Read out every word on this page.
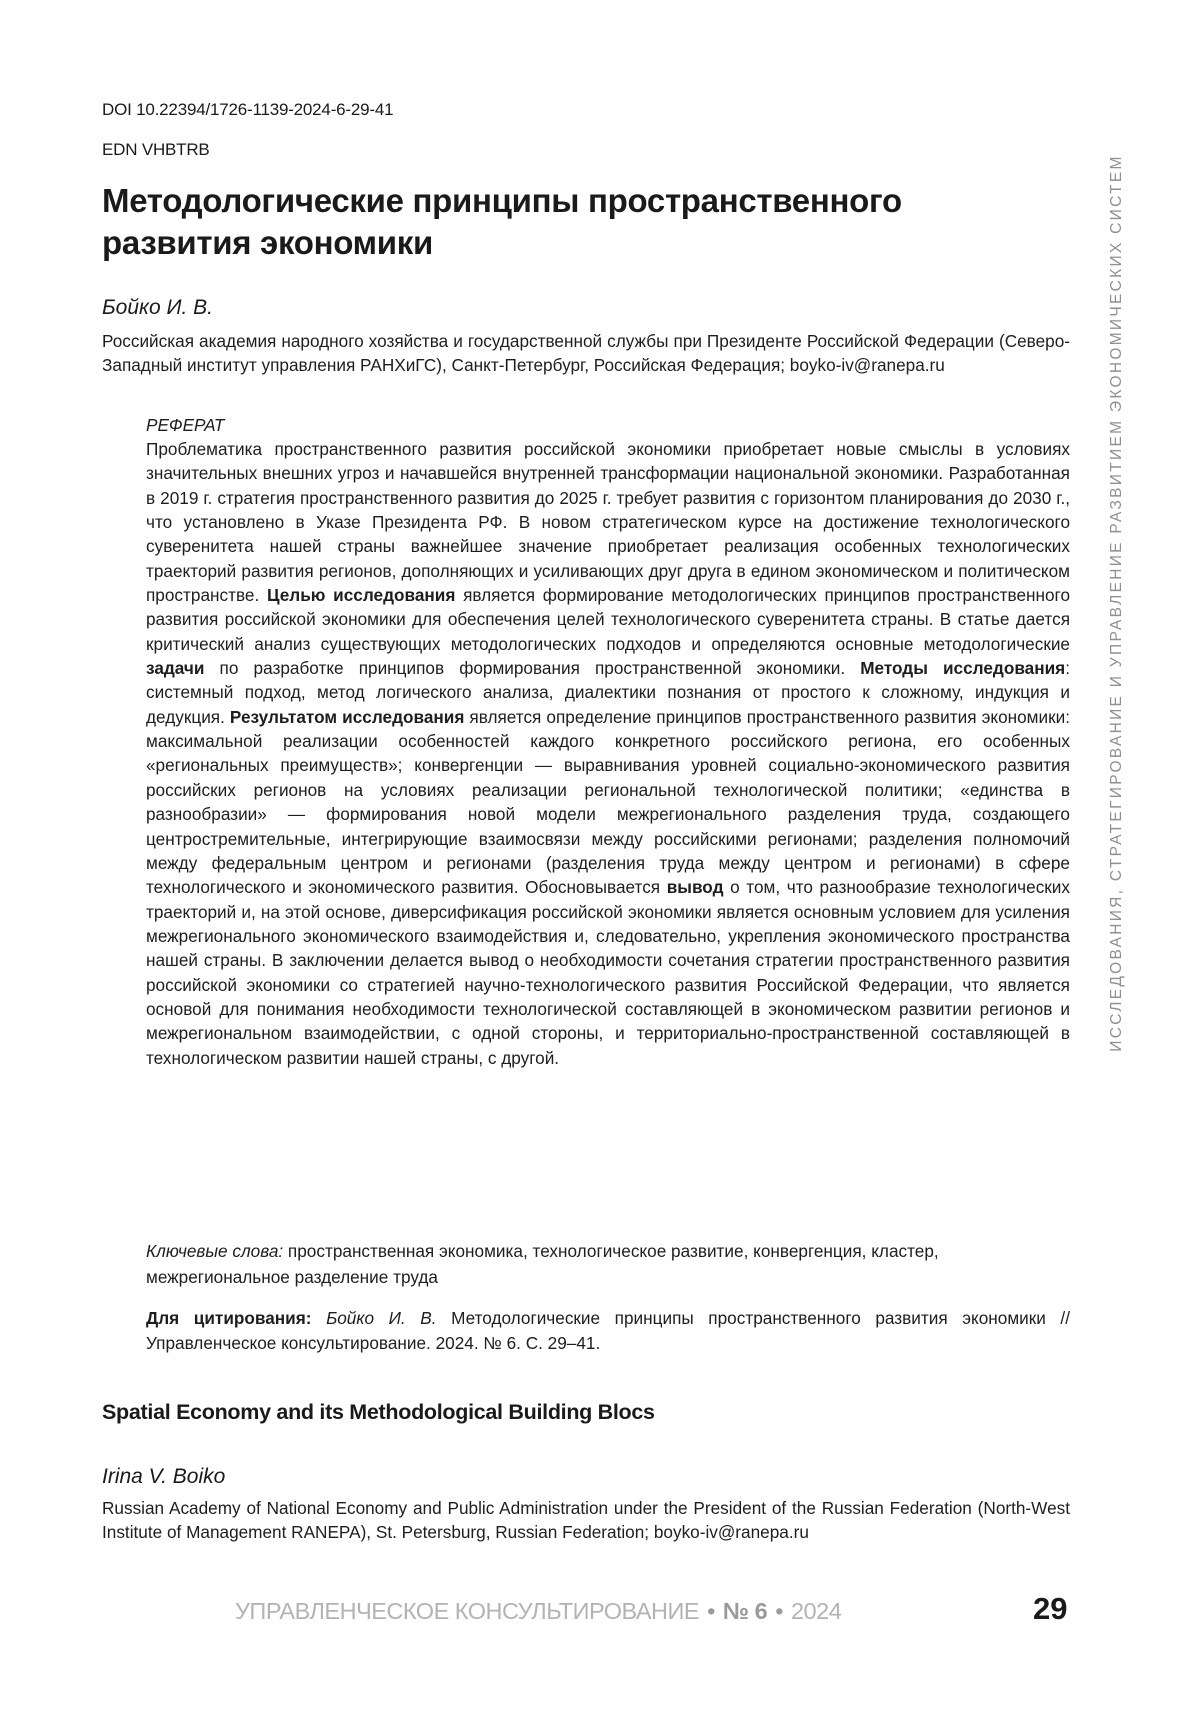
DOI 10.22394/1726-1139-2024-6-29-41
EDN VHBTRB
Методологические принципы пространственного развития экономики
Бойко И. В.

Российская академия народного хозяйства и государственной службы при Президенте Российской Федерации (Северо-Западный институт управления РАНХиГС), Санкт-Петербург, Российская Федерация; boyko-iv@ranepa.ru

РЕФЕРАТ

Проблематика пространственного развития российской экономики приобретает новые смыслы в условиях значительных внешних угроз и начавшейся внутренней трансформации национальной экономики. Разработанная в 2019 г. стратегия пространственного развития до 2025 г. требует развития с горизонтом планирования до 2030 г., что установлено в Указе Президента РФ. В новом стратегическом курсе на достижение технологического суверенитета нашей страны важнейшее значение приобретает реализация особенных технологических траекторий развития регионов, дополняющих и усиливающих друг друга в едином экономическом и политическом пространстве. Целью исследования является формирование методологических принципов пространственного развития российской экономики для обеспечения целей технологического суверенитета страны. В статье дается критический анализ существующих методологических подходов и определяются основные методологические задачи по разработке принципов формирования пространственной экономики. Методы исследования: системный подход, метод логического анализа, диалектики познания от простого к сложному, индукция и дедукция. Результатом исследования является определение принципов пространственного развития экономики: максимальной реализации особенностей каждого конкретного российского региона, его особенных «региональных преимуществ»; конвергенции — выравнивания уровней социально-экономического развития российских регионов на условиях реализации региональной технологической политики; «единства в разнообразии» — формирования новой модели межрегионального разделения труда, создающего центростремительные, интегрирующие взаимосвязи между российскими регионами; разделения полномочий между федеральным центром и регионами (разделения труда между центром и регионами) в сфере технологического и экономического развития. Обосновывается вывод о том, что разнообразие технологических траекторий и, на этой основе, диверсификация российской экономики является основным условием для усиления межрегионального экономического взаимодействия и, следовательно, укрепления экономического пространства нашей страны. В заключении делается вывод о необходимости сочетания стратегии пространственного развития российской экономики со стратегией научно-технологического развития Российской Федерации, что является основой для понимания необходимости технологической составляющей в экономическом развитии регионов и межрегиональном взаимодействии, с одной стороны, и территориально-пространственной составляющей в технологическом развитии нашей страны, с другой.

Ключевые слова: пространственная экономика, технологическое развитие, конвергенция, кластер, межрегиональное разделение труда

Для цитирования: Бойко И. В. Методологические принципы пространственного развития экономики // Управленческое консультирование. 2024. № 6. С. 29–41.

Spatial Economy and its Methodological Building Blocs
Irina V. Boiko

Russian Academy of National Economy and Public Administration under the President of the Russian Federation (North-West Institute of Management RANEPA), St. Petersburg, Russian Federation; boyko-iv@ranepa.ru

УПРАВЛЕНЧЕСКОЕ КОНСУЛЬТИРОВАНИЕ • № 6 • 2024	29
ИССЛЕДОВАНИЯ, СТРАТЕГИРОВАНИЕ И УПРАВЛЕНИЕ РАЗВИТИЕМ ЭКОНОМИЧЕСКИХ СИСТЕМ
